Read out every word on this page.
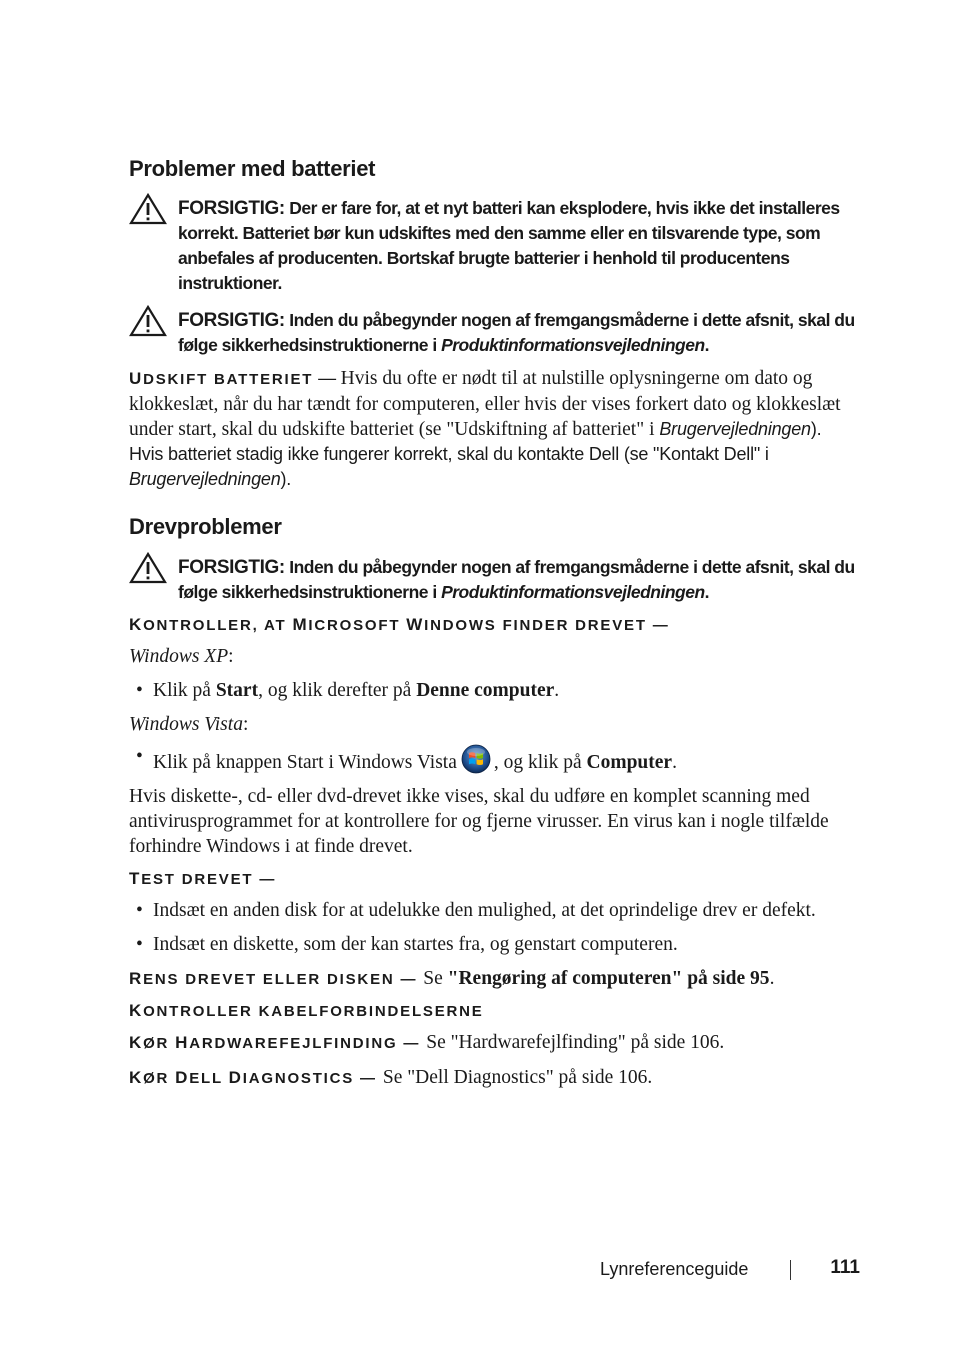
Problemer med batteriet
FORSIGTIG: Der er fare for, at et nyt batteri kan eksplodere, hvis ikke det installeres korrekt. Batteriet bør kun udskiftes med den samme eller en tilsvarende type, som anbefales af producenten. Bortskaf brugte batterier i henhold til producentens instruktioner.
FORSIGTIG: Inden du påbegynder nogen af fremgangsmåderne i dette afsnit, skal du følge sikkerhedsinstruktionerne i Produktinformationsvejledningen.
UDSKIFT BATTERIET — Hvis du ofte er nødt til at nulstille oplysningerne om dato og klokkeslæt, når du har tændt for computeren, eller hvis der vises forkert dato og klokkeslæt under start, skal du udskifte batteriet (se "Udskiftning af batteriet" i Brugervejledningen). Hvis batteriet stadig ikke fungerer korrekt, skal du kontakte Dell (se "Kontakt Dell" i Brugervejledningen).
Drevproblemer
FORSIGTIG: Inden du påbegynder nogen af fremgangsmåderne i dette afsnit, skal du følge sikkerhedsinstruktionerne i Produktinformationsvejledningen.
KONTROLLER, AT MICROSOFT WINDOWS FINDER DREVET —
Windows XP:
• Klik på Start, og klik derefter på Denne computer.
Windows Vista:
• Klik på knappen Start i Windows Vista , og klik på Computer.
Hvis diskette-, cd- eller dvd-drevet ikke vises, skal du udføre en komplet scanning med antivirusprogrammet for at kontrollere for og fjerne virusser. En virus kan i nogle tilfælde forhindre Windows i at finde drevet.
TEST DREVET —
• Indsæt en anden disk for at udelukke den mulighed, at det oprindelige drev er defekt.
• Indsæt en diskette, som der kan startes fra, og genstart computeren.
RENS DREVET ELLER DISKEN — Se "Rengøring af computeren" på side 95.
KONTROLLER KABELFORBINDELSERNE
KØR HARDWAREFEJLFINDING — Se "Hardwarefejlfinding" på side 106.
KØR DELL DIAGNOSTICS — Se "Dell Diagnostics" på side 106.
Lynreferenceguide	111
